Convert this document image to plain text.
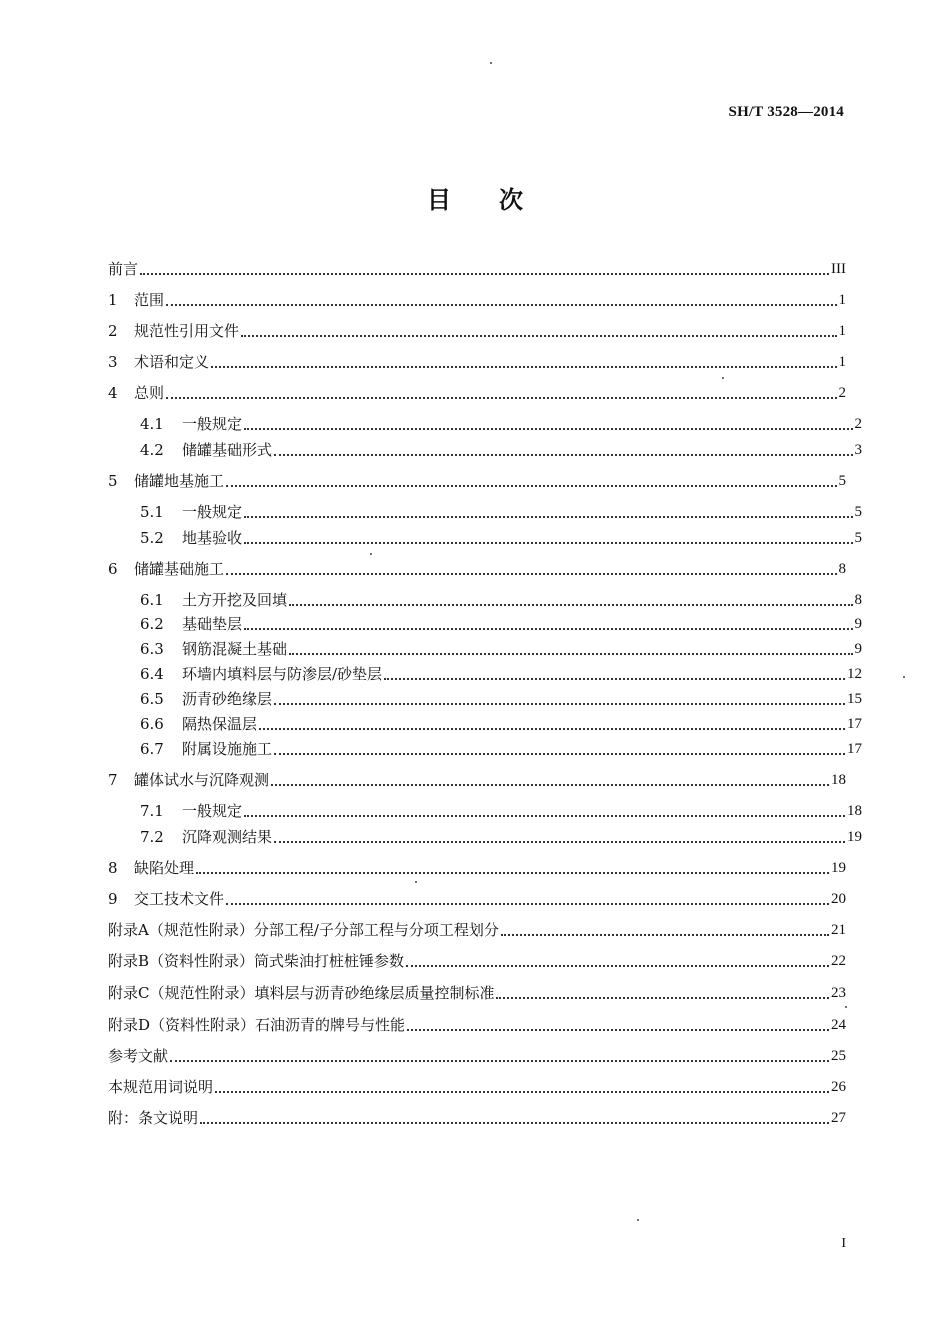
SH/T 3528—2014
目 次
前言	III
1 范围	1
2 规范性引用文件	1
3 术语和定义	1
4 总则	2
4.1 一般规定	2
4.2 储罐基础形式	3
5 储罐地基施工	5
5.1 一般规定	5
5.2 地基验收	5
6 储罐基础施工	8
6.1 土方开挖及回填	8
6.2 基础垫层	9
6.3 钢筋混凝土基础	9
6.4 环墙内填料层与防渗层/砂垫层	12
6.5 沥青砂绝缘层	15
6.6 隔热保温层	17
6.7 附属设施施工	17
7 罐体试水与沉降观测	18
7.1 一般规定	18
7.2 沉降观测结果	19
8 缺陷处理	19
9 交工技术文件	20
附录A（规范性附录）分部工程/子分部工程与分项工程划分	21
附录B（资料性附录）筒式柴油打桩桩锤参数	22
附录C（规范性附录）填料层与沥青砂绝缘层质量控制标准	23
附录D（资料性附录）石油沥青的牌号与性能	24
参考文献	25
本规范用词说明	26
附：条文说明	27
I
